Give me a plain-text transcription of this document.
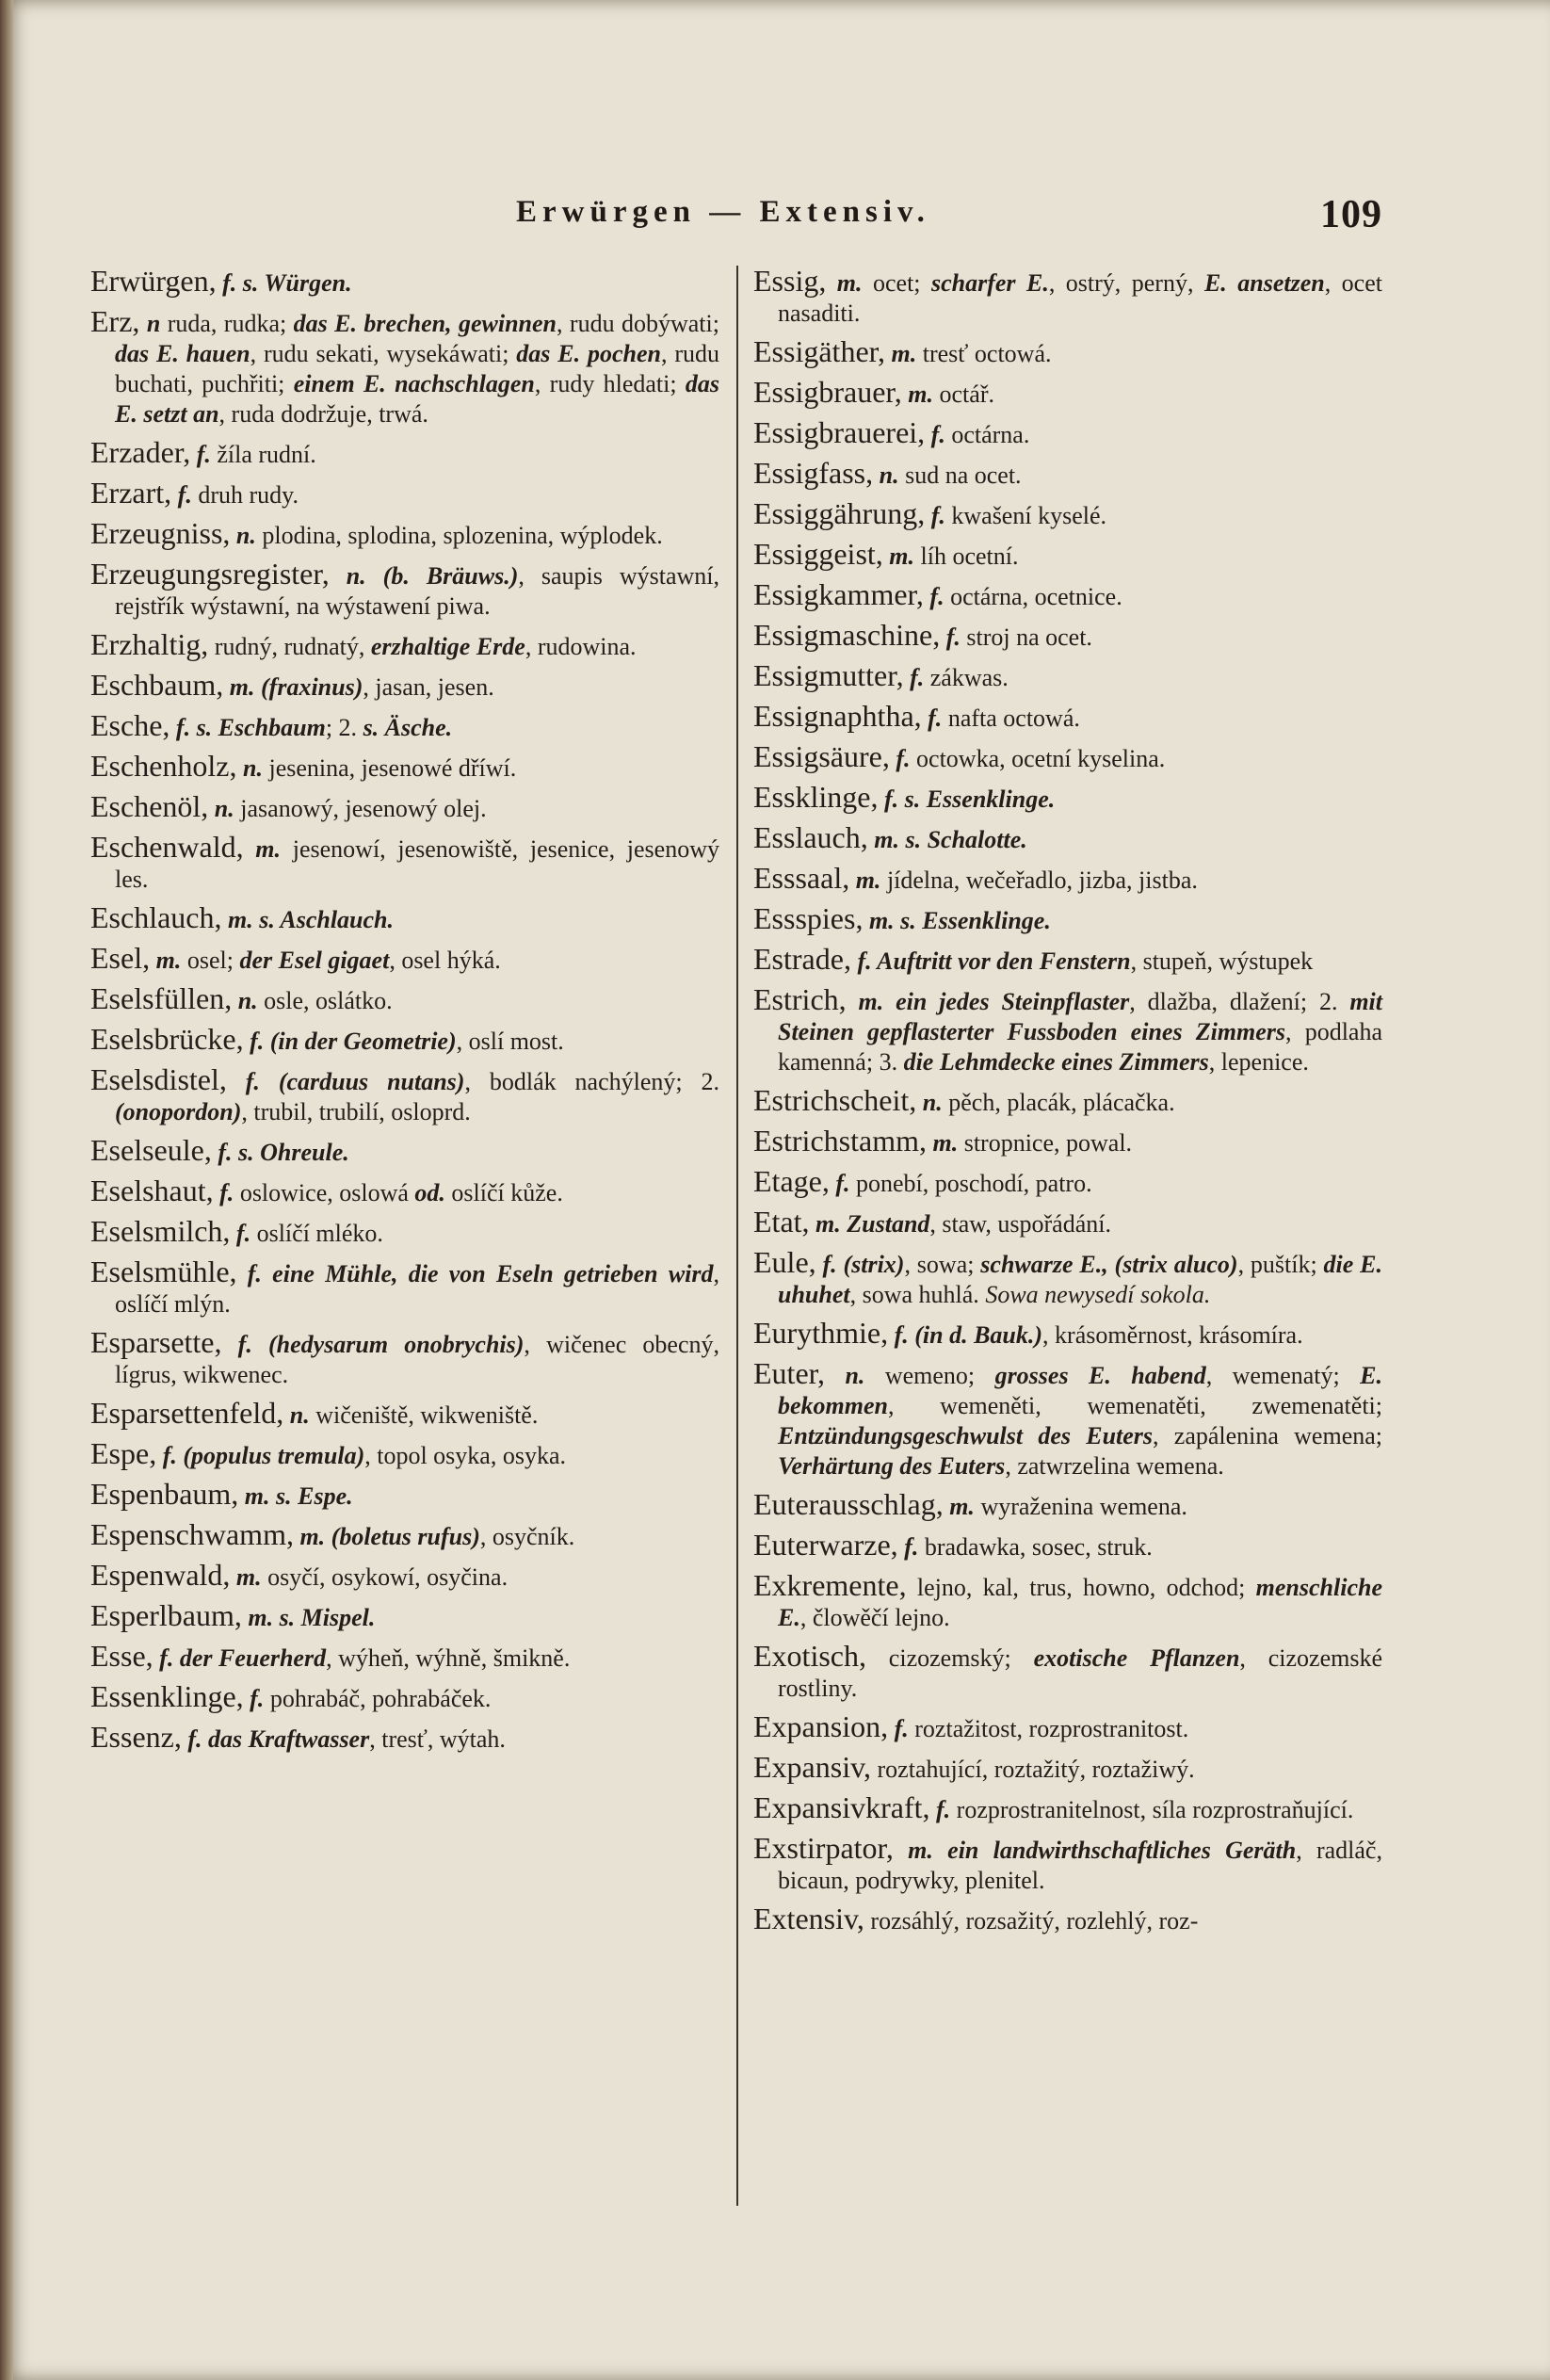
Erwürgen — Extensiv.	109
Erwürgen, f. s. Würgen.
Erz, n ruda, rudka; das E. brechen, gewinnen, rudu dobýwati; das E. hauen, rudu sekati, wysekáwati; das E. pochen, rudu buchati, puchřiti; einem E. nachschlagen, rudy hledati; das E. setzt an, ruda dodržuje, trwá.
Erzader, f. žíla rudní.
Erzart, f. druh rudy.
Erzeugniss, n. plodina, splodina, splozenina, wýplodek.
Erzeugungsregister, n. (b. Bräuws.), saupis wýstawní, rejstřík wýstawní, na wýstawení piwa.
Erzhaltig, rudný, rudnatý, erzhaltige Erde, rudowina.
Eschbaum, m. (fraxinus), jasan, jesen.
Esche, f. s. Eschbaum; 2. s. Äsche.
Eschenholz, n. jesenina, jesenowé dříwí.
Eschenöl, n. jasanowý, jesenowý olej.
Eschenwald, m. jesenowí, jesenowiště, jesenice, jesenowý les.
Eschlauch, m. s. Aschlauch.
Esel, m. osel; der Esel gigaet, osel hýká.
Eselsfüllen, n. osle, oslátko.
Eselsbrücke, f. (in der Geometrie), oslí most.
Eselsdistel, f. (carduus nutans), bodlák nachýlený; 2. (onopordon), trubil, trubilí, osloprd.
Eselseule, f. s. Ohreule.
Eselshaut, f. oslowice, oslowá od. oslíčí kůže.
Eselsmilch, f. oslíčí mléko.
Eselsmühle, f. eine Mühle, die von Eseln getrieben wird, oslíčí mlýn.
Esparsette, f. (hedysarum onobrychis), wičenec obecný, lígrus, wikwenec.
Esparsettenfeld, n. wičeniště, wikweniště.
Espe, f. (populus tremula), topol osyka, osyka.
Espenbaum, m. s. Espe.
Espenschwamm, m. (boletus rufus), osyčník.
Espenwald, m. osyčí, osykowí, osyčina.
Esperlbaum, m. s. Mispel.
Esse, f. der Feuerherd, wýheň, wýhně, šmikně.
Essenklinge, f. pohrabáč, pohrabáček.
Essenz, f. das Kraftwasser, tresť, wýtah.
Essig, m. ocet; scharfer E., ostrý, perný, E. ansetzen, ocet nasaditi.
Essigäther, m. tresť octowá.
Essigbrauer, m. octář.
Essigbrauerei, f. octárna.
Essigfass, n. sud na ocet.
Essiggährung, f. kwašení kyselé.
Essiggeist, m. líh ocetní.
Essigkammer, f. octárna, ocetnice.
Essigmaschine, f. stroj na ocet.
Essigmutter, f. zákwas.
Essignaphtha, f. nafta octowá.
Essigsäure, f. octowka, ocetní kyselina.
Essklinge, f. s. Essenklinge.
Esslauch, m. s. Schalotte.
Esssaal, m. jídelna, wečeřadlo, jizba, jistba.
Essspies, m. s. Essenklinge.
Estrade, f. Auftritt vor den Fenstern, stupeň, wýstupek
Estrich, m. ein jedes Steinpflaster, dlažba, dlažení; 2. mit Steinen gepflasterter Fussboden eines Zimmers, podlaha kamenná; 3. die Lehmdecke eines Zimmers, lepenice.
Estrichscheit, n. pěch, placák, plácačka.
Estrichstamm, m. stropnice, powal.
Etage, f. ponebí, poschodí, patro.
Etat, m. Zustand, staw, uspořádání.
Eule, f. (strix), sowa; schwarze E., (strix aluco), puštík; die E. uhuhet, sowa huhlá. Sowa newysedí sokola.
Eurythmie, f. (in d. Bauk.), krásoměrnost, krásomíra.
Euter, n. wemeno; grosses E. habend, wemenatý; E. bekommen, wemeněti, wemenatěti, zwemenatěti; Entzündungsgeschwulst des Euters, zapálenina wemena; Verhärtung des Euters, zatwrzelina wemena.
Euterausschlag, m. wyraženina wemena.
Euterwarze, f. bradawka, sosec, struk.
Exkremente, lejno, kal, trus, howno, odchod; menschliche E., člowěčí lejno.
Exotisch, cizozemský; exotische Pflanzen, cizozemské rostliny.
Expansion, f. roztažitost, rozprostranitost.
Expansiv, roztahující, roztažitý, roztažiwý.
Expansivkraft, f. rozprostranitelnost, síla rozprostraňující.
Exstirpator, m. ein landwirthschaftliches Geräth, radláč, bicaun, podrywky, plenitel.
Extensiv, rozsáhlý, rozsažitý, rozlehlý, roz-
